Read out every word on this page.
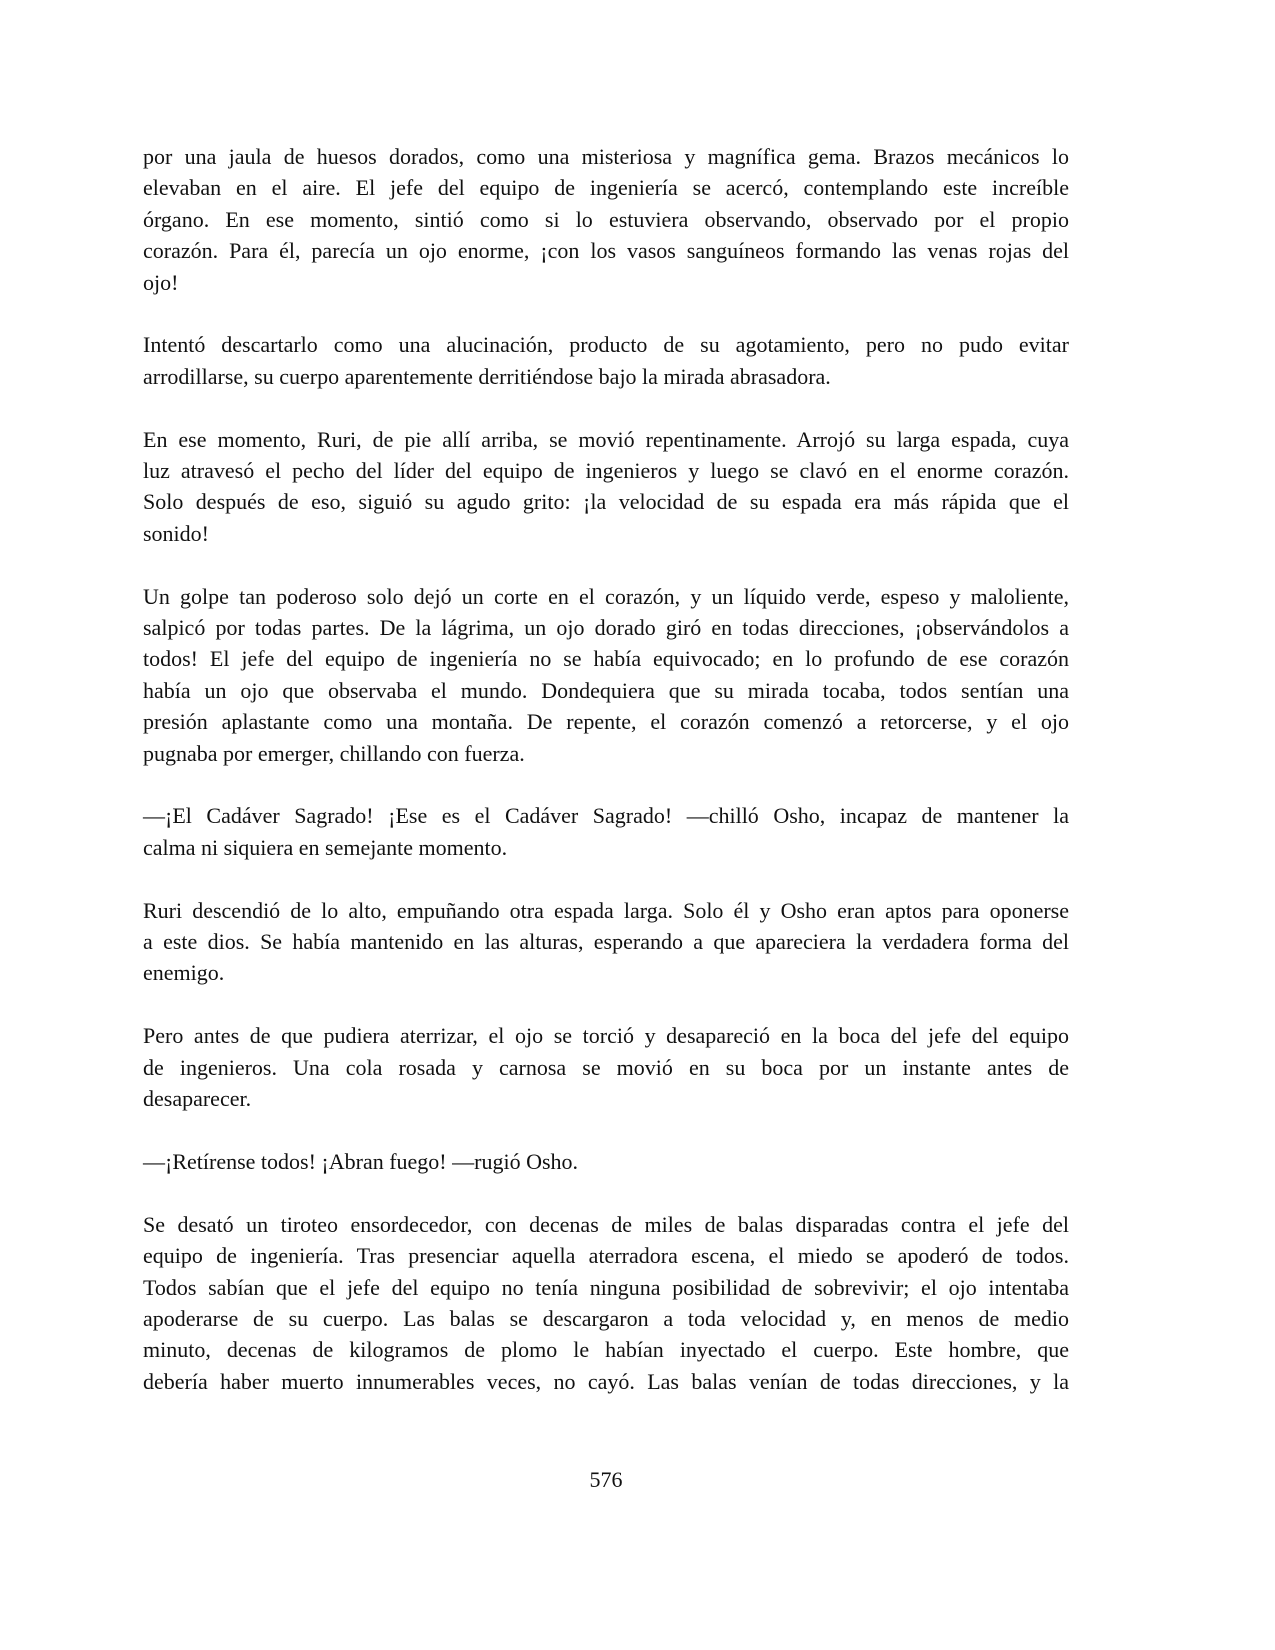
por una jaula de huesos dorados, como una misteriosa y magnífica gema. Brazos mecánicos lo
elevaban en el aire. El jefe del equipo de ingeniería se acercó, contemplando este increíble
órgano. En ese momento, sintió como si lo estuviera observando, observado por el propio
corazón. Para él, parecía un ojo enorme, ¡con los vasos sanguíneos formando las venas rojas del
ojo!
Intentó descartarlo como una alucinación, producto de su agotamiento, pero no pudo evitar
arrodillarse, su cuerpo aparentemente derritiéndose bajo la mirada abrasadora.
En ese momento, Ruri, de pie allí arriba, se movió repentinamente. Arrojó su larga espada, cuya
luz atravesó el pecho del líder del equipo de ingenieros y luego se clavó en el enorme corazón.
Solo después de eso, siguió su agudo grito: ¡la velocidad de su espada era más rápida que el
sonido!
Un golpe tan poderoso solo dejó un corte en el corazón, y un líquido verde, espeso y maloliente,
salpicó por todas partes. De la lágrima, un ojo dorado giró en todas direcciones, ¡observándolos a
todos! El jefe del equipo de ingeniería no se había equivocado; en lo profundo de ese corazón
había un ojo que observaba el mundo. Dondequiera que su mirada tocaba, todos sentían una
presión aplastante como una montaña. De repente, el corazón comenzó a retorcerse, y el ojo
pugnaba por emerger, chillando con fuerza.
—¡El Cadáver Sagrado! ¡Ese es el Cadáver Sagrado! —chilló Osho, incapaz de mantener la
calma ni siquiera en semejante momento.
Ruri descendió de lo alto, empuñando otra espada larga. Solo él y Osho eran aptos para oponerse
a este dios. Se había mantenido en las alturas, esperando a que apareciera la verdadera forma del
enemigo.
Pero antes de que pudiera aterrizar, el ojo se torció y desapareció en la boca del jefe del equipo
de ingenieros. Una cola rosada y carnosa se movió en su boca por un instante antes de
desaparecer.
—¡Retírense todos! ¡Abran fuego! —rugió Osho.
Se desató un tiroteo ensordecedor, con decenas de miles de balas disparadas contra el jefe del
equipo de ingeniería. Tras presenciar aquella aterradora escena, el miedo se apoderó de todos.
Todos sabían que el jefe del equipo no tenía ninguna posibilidad de sobrevivir; el ojo intentaba
apoderarse de su cuerpo. Las balas se descargaron a toda velocidad y, en menos de medio
minuto, decenas de kilogramos de plomo le habían inyectado el cuerpo. Este hombre, que
debería haber muerto innumerables veces, no cayó. Las balas venían de todas direcciones, y la
576
